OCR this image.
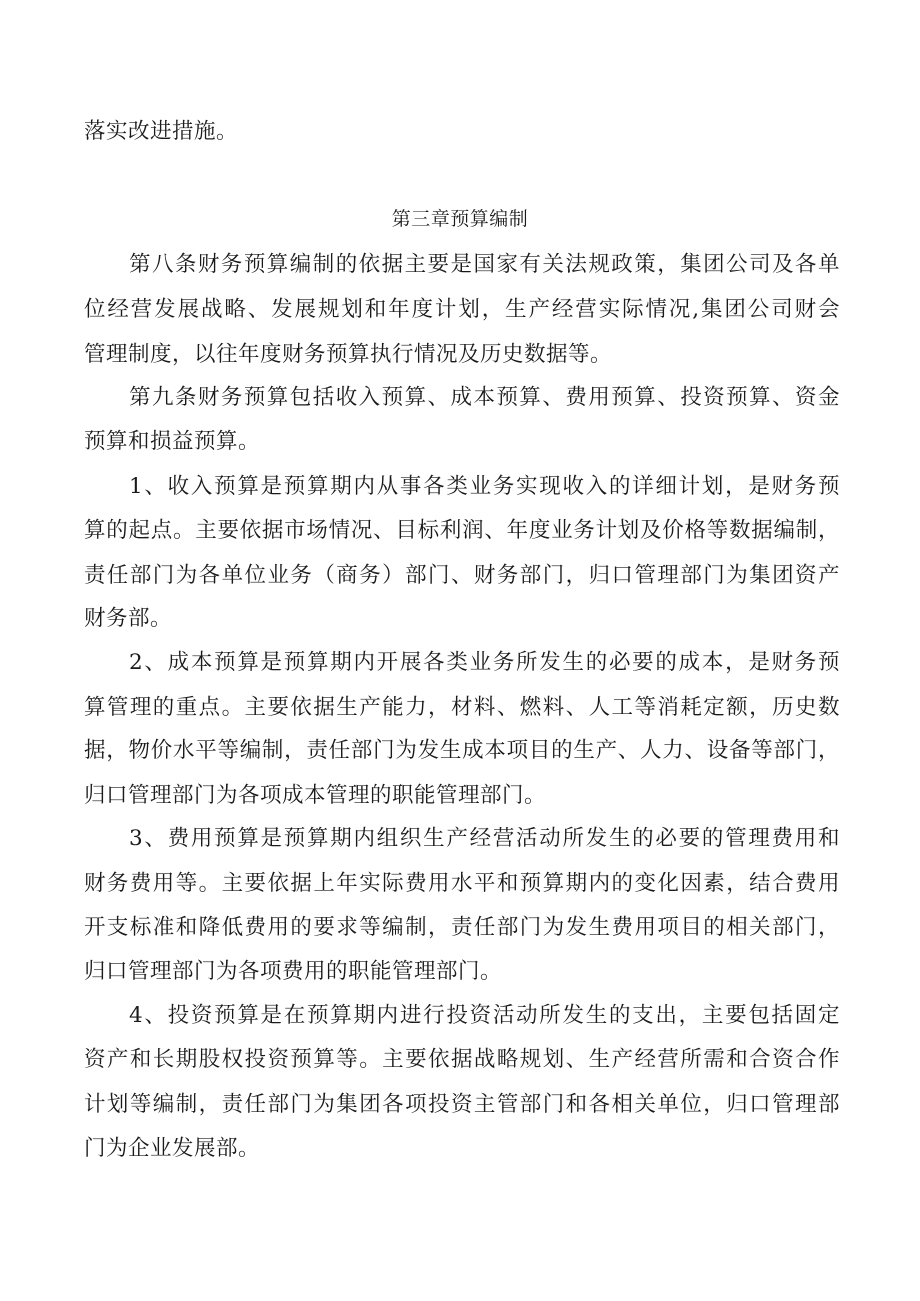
落实改进措施。
第三章预算编制
第八条财务预算编制的依据主要是国家有关法规政策，集团公司及各单
位经营发展战略、发展规划和年度计划，生产经营实际情况,集团公司财会
管理制度，以往年度财务预算执行情况及历史数据等。
第九条财务预算包括收入预算、成本预算、费用预算、投资预算、资金
预算和损益预算。
1、收入预算是预算期内从事各类业务实现收入的详细计划，是财务预
算的起点。主要依据市场情况、目标利润、年度业务计划及价格等数据编制，
责任部门为各单位业务（商务）部门、财务部门，归口管理部门为集团资产
财务部。
2、成本预算是预算期内开展各类业务所发生的必要的成本，是财务预
算管理的重点。主要依据生产能力，材料、燃料、人工等消耗定额，历史数
据，物价水平等编制，责任部门为发生成本项目的生产、人力、设备等部门，
归口管理部门为各项成本管理的职能管理部门。
3、费用预算是预算期内组织生产经营活动所发生的必要的管理费用和
财务费用等。主要依据上年实际费用水平和预算期内的变化因素，结合费用
开支标准和降低费用的要求等编制，责任部门为发生费用项目的相关部门，
归口管理部门为各项费用的职能管理部门。
4、投资预算是在预算期内进行投资活动所发生的支出，主要包括固定
资产和长期股权投资预算等。主要依据战略规划、生产经营所需和合资合作
计划等编制，责任部门为集团各项投资主管部门和各相关单位，归口管理部
门为企业发展部。
